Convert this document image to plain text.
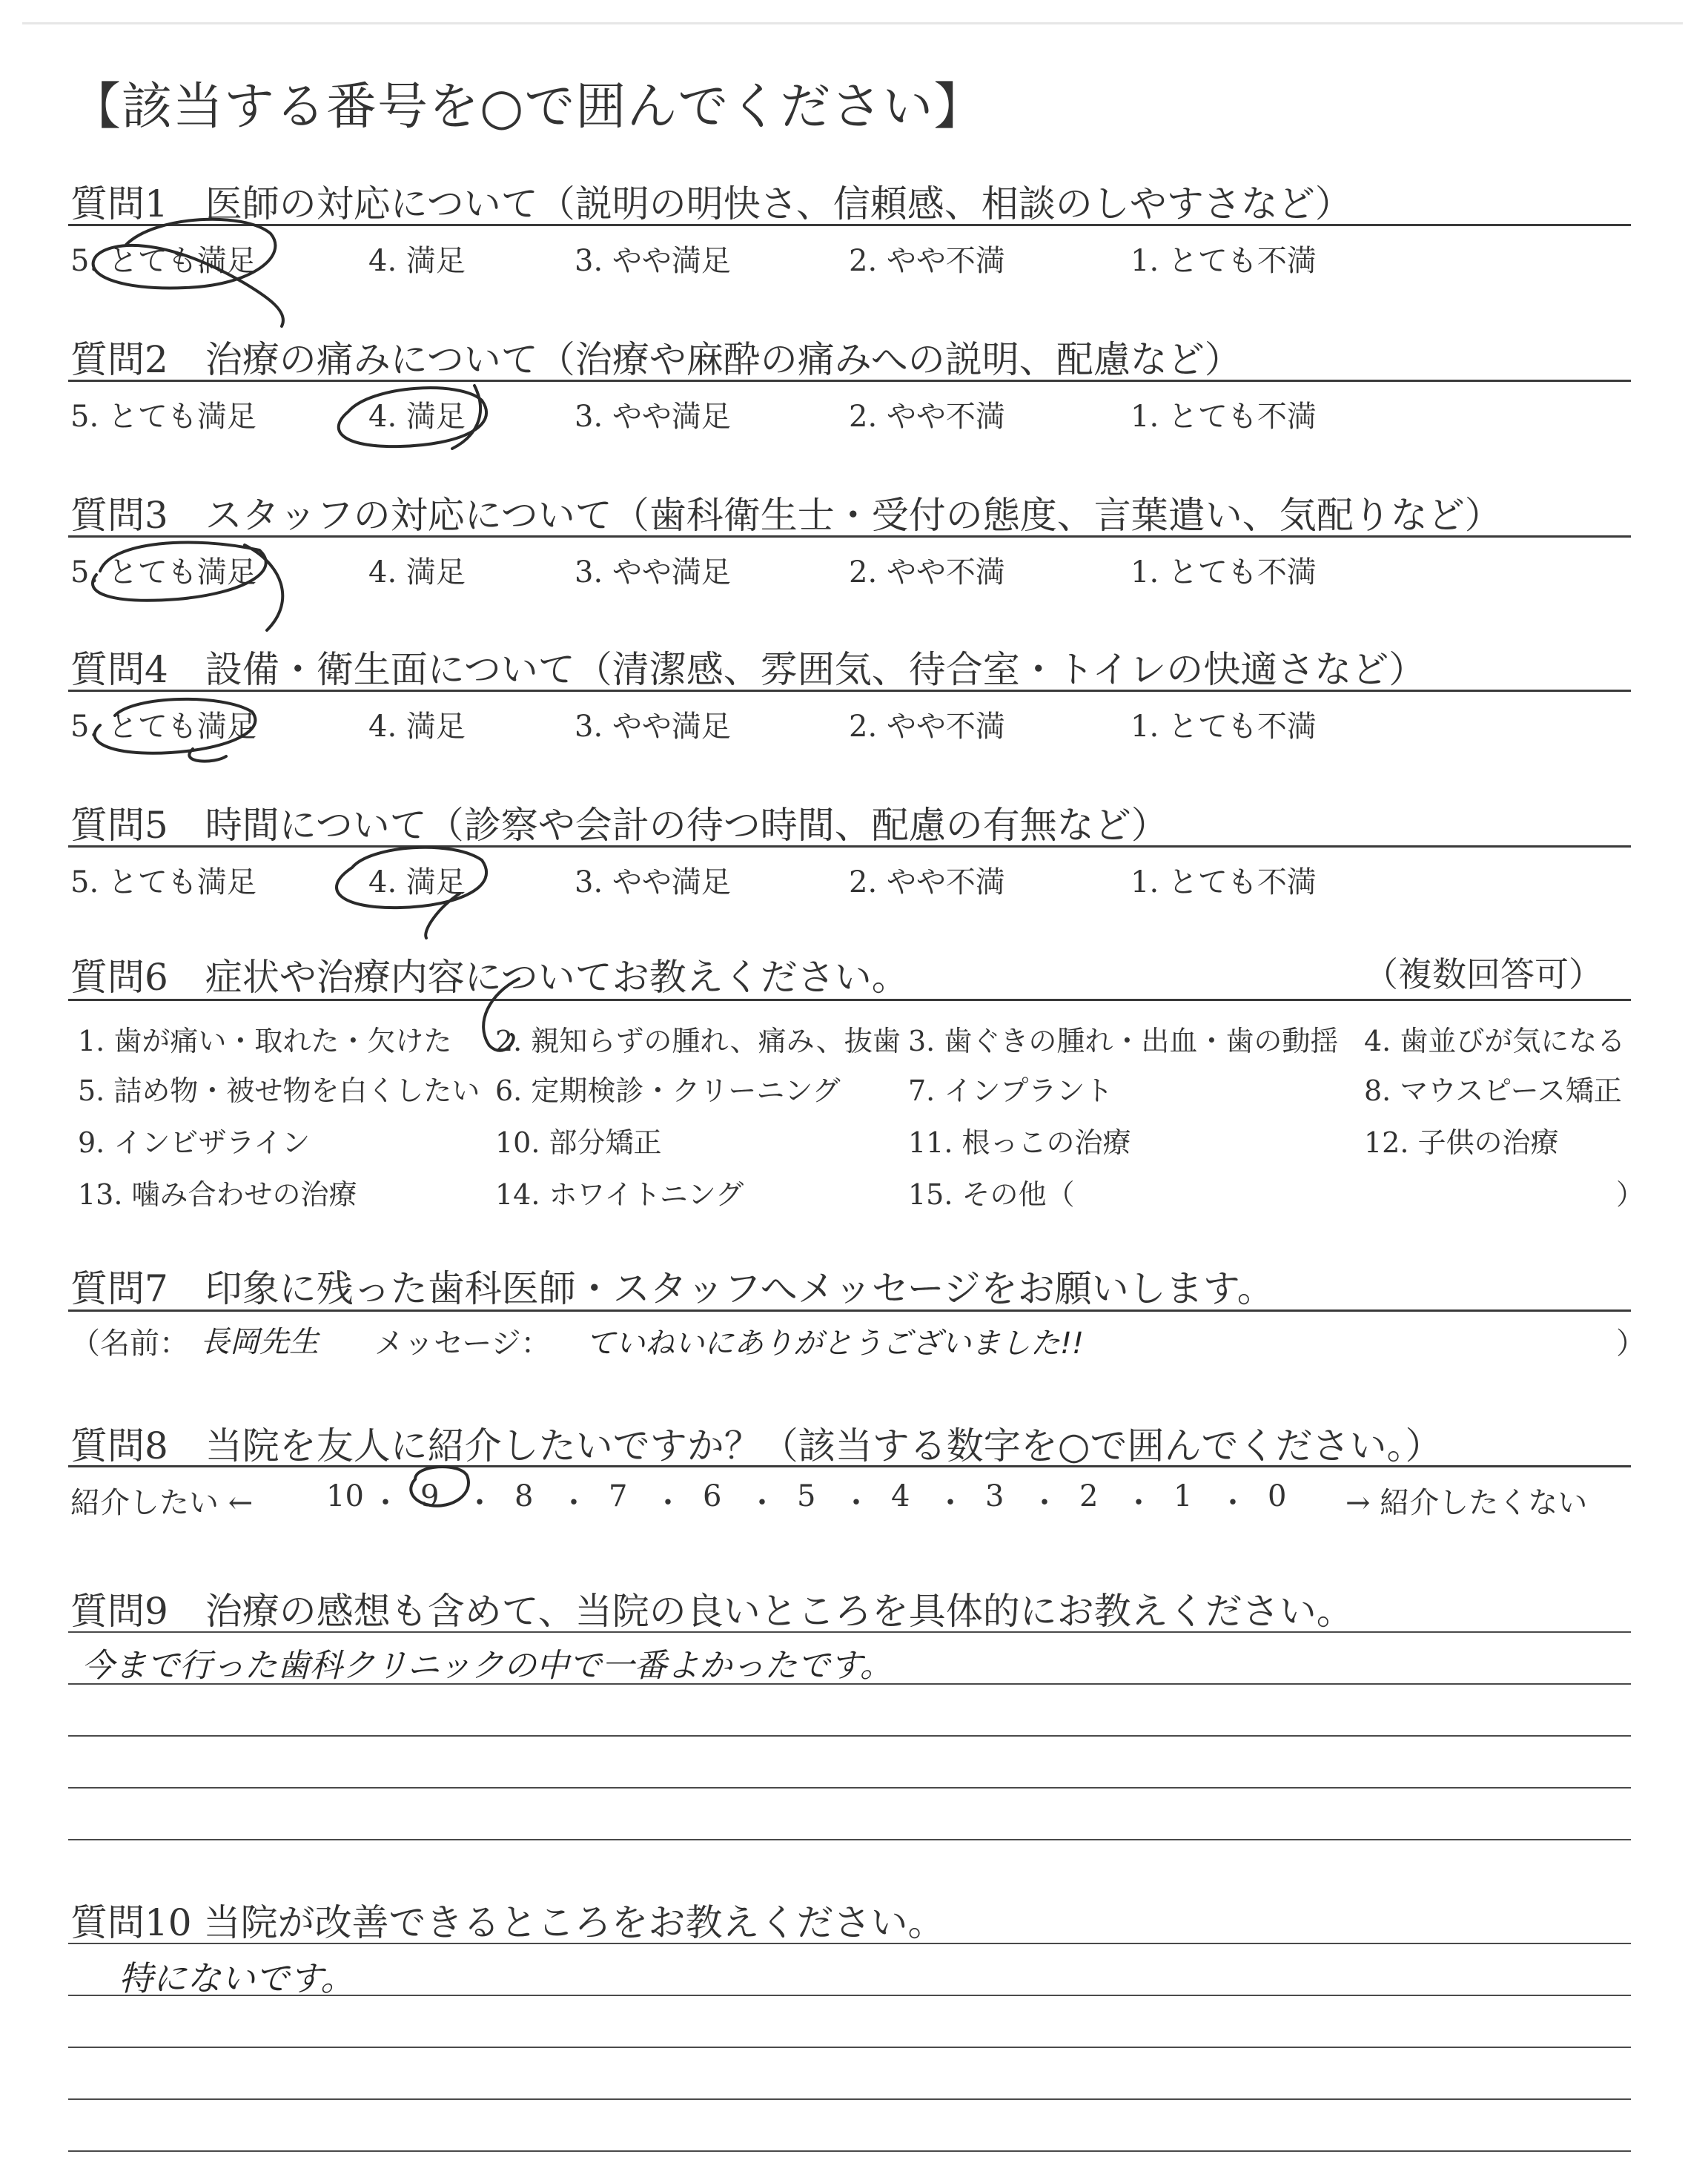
【該当する番号を○で囲んでください】
質問1　医師の対応について（説明の明快さ、信頼感、相談のしやすさなど）
5. とても満足	4. 満足	3. やや満足	2. やや不満	1. とても不満
質問2　治療の痛みについて（治療や麻酔の痛みへの説明、配慮など）
5. とても満足	4. 満足	3. やや満足	2. やや不満	1. とても不満
質問3　スタッフの対応について（歯科衛生士・受付の態度、言葉遣い、気配りなど）
5. とても満足	4. 満足	3. やや満足	2. やや不満	1. とても不満
質問4　設備・衛生面について（清潔感、雰囲気、待合室・トイレの快適さなど）
5. とても満足	4. 満足	3. やや満足	2. やや不満	1. とても不満
質問5　時間について（診察や会計の待つ時間、配慮の有無など）
5. とても満足	4. 満足	3. やや満足	2. やや不満	1. とても不満
質問6　症状や治療内容についてお教えください。	（複数回答可）
1. 歯が痛い・取れた・欠けた 2. 親知らずの腫れ、痛み、抜歯 3. 歯ぐきの腫れ・出血・歯の動揺 4. 歯並びが気になる
5. 詰め物・被せ物を白くしたい 6. 定期検診・クリーニング 7. インプラント	8. マウスピース矯正
9. インビザライン	10. 部分矯正	11. 根っこの治療	12. 子供の治療
13. 噛み合わせの治療	14. ホワイトニング	15. その他（	）
質問7　印象に残った歯科医師・スタッフへメッセージをお願いします。
（名前： 長岡先生 メッセージ： ていねいにありがとうございました!!	）
質問8　当院を友人に紹介したいですか？（該当する数字を○で囲んでください。）
紹介したい ←	→ 紹介したくない
10 ・ 9 ・ 8 ・ 7 ・ 6 ・ 5 ・ 4 ・ 3 ・ 2 ・ 1 ・ 0
質問9　治療の感想も含めて、当院の良いところを具体的にお教えください。
今まで行った歯科クリニックの中で一番よかったです。
質問10 当院が改善できるところをお教えください。
特にないです。
